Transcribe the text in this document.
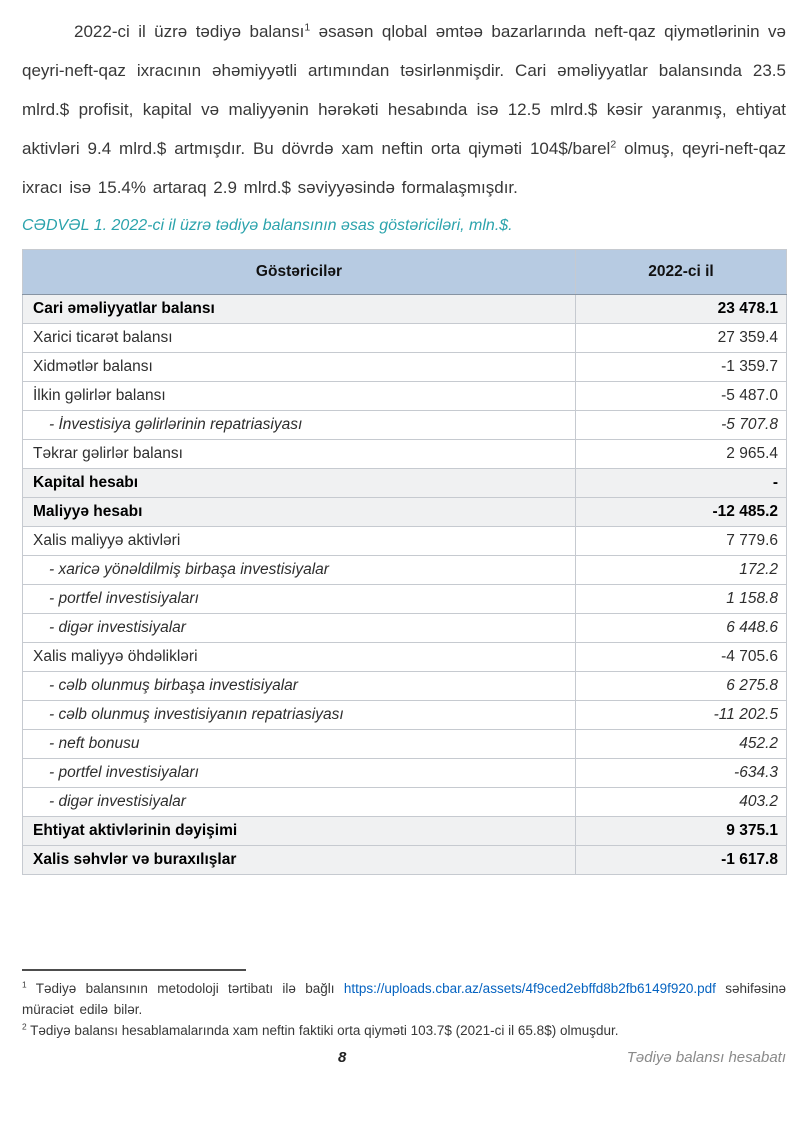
2022-ci il üzrə tədiyə balansı$^1$ əsasən qlobal əmtəə bazarlarında neft-qaz qiymətlərinin və qeyri-neft-qaz ixracının əhəmiyyətli artımından təsirlənmişdir. Cari əməliyyatlar balansında 23.5 mlrd.$ profisit, kapital və maliyyənin hərəkəti hesabında isə 12.5 mlrd.$ kəsir yaranmış, ehtiyat aktivləri 9.4 mlrd.$ artmışdır. Bu dövrdə xam neftin orta qiyməti 104$/barel$^2$ olmuş, qeyri-neft-qaz ixracı isə 15.4% artaraq 2.9 mlrd.$ səviyyəsində formalaşmışdır.

CƏDVƏL 1. 2022-ci il üzrə tədiyə balansının əsas göstəriciləri, mln.$.

Göstəricilər	2022-ci il
Cari əməliyyatlar balansı	23 478.1
Xarici ticarət balansı	27 359.4
Xidmətlər balansı	-1 359.7
İlkin gəlirlər balansı	-5 487.0
- İnvestisiya gəlirlərinin repatriasiyası	-5 707.8
Təkrar gəlirlər balansı	2 965.4
Kapital hesabı	-
Maliyyə hesabı	-12 485.2
Xalis maliyyə aktivləri	7 779.6
- xaricə yönəldilmiş birbaşa investisiyalar	172.2
- portfel investisiyaları	1 158.8
- digər investisiyalar	6 448.6
Xalis maliyyə öhdəlikləri	-4 705.6
- cəlb olunmuş birbaşa investisiyalar	6 275.8
- cəlb olunmuş investisiyanın repatriasiyası	-11 202.5
- neft bonusu	452.2
- portfel investisiyaları	-634.3
- digər investisiyalar	403.2
Ehtiyat aktivlərinin dəyişimi	9 375.1
Xalis səhvlər və buraxılışlar	-1 617.8

$^1$ Tədiyə balansının metodoloji tərtibatı ilə bağlı https://uploads.cbar.az/assets/4f9ced2ebffd8b2fb6149f920.pdf səhifəsinə müraciət edilə bilər.

$^2$ Tədiyə balansı hesablamalarında xam neftin faktiki orta qiyməti 103.7$ (2021-ci il 65.8$) olmuşdur.

8	Tədiyə balansı hesabatı
